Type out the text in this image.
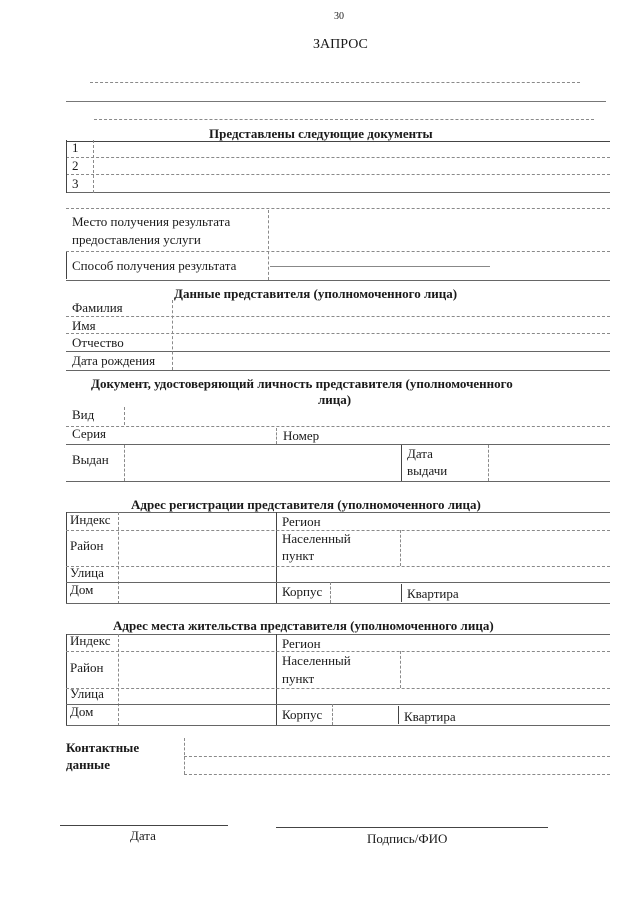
30
ЗАПРОС
Представлены следующие документы
1
2
3
Место получения результата
предоставления услуги
Способ получения результата
Данные представителя (уполномоченного лица)
Фамилия
Имя
Отчество
Дата рождения
Документ, удостоверяющий личность представителя (уполномоченного
лица)
Вид
Серия	Номер
Выдан	Дата
выдачи
Адрес регистрации представителя (уполномоченного лица)
Индекс	Регион
Район	Населенный
пункт
Улица
Дом	Корпус	Квартира
Адрес места жительства представителя (уполномоченного лица)
Индекс	Регион
Район	Населенный
пункт
Улица
Дом	Корпус	Квартира
Контактные
данные
Дата	Подпись/ФИО
